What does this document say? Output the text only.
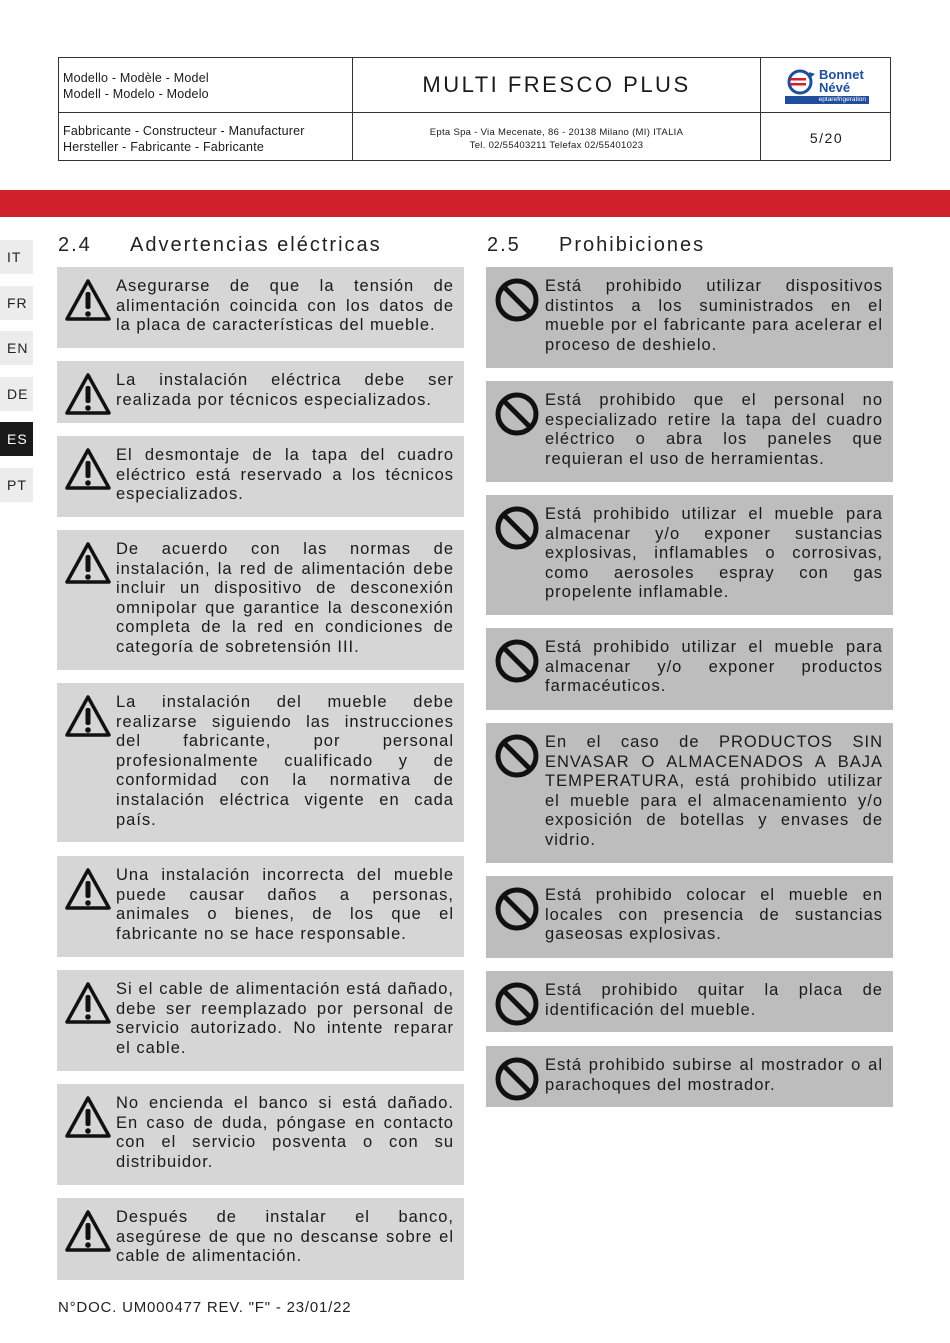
Modello - Modèle - Model
Modell - Modelo - Modelo	MULTI FRESCO PLUS	Bonnet
Névé
eptarefrigeration
Fabbricante - Constructeur - Manufacturer
Hersteller - Fabricante - Fabricante
Epta Spa - Via Mecenate, 86 - 20138 Milano (MI) ITALIA
Tel. 02/55403211 Telefax 02/55401023	5/20
IT
FR
EN
DE
ES
PT
2.4 Advertencias eléctricas	2.5 Prohibiciones
Asegurarse de que la tensión de alimentación coincida con los datos de la placa de características del mueble.
La instalación eléctrica debe ser realizada por técnicos especializados.
El desmontaje de la tapa del cuadro eléctrico está reservado a los técnicos especializados.
De acuerdo con las normas de instalación, la red de alimentación debe incluir un dispositivo de desconexión omnipolar que garantice la desconexión completa de la red en condiciones de categoría de sobretensión III.
La instalación del mueble debe realizarse siguiendo las instrucciones del fabricante, por personal profesionalmente cualificado y de conformidad con la normativa de instalación eléctrica vigente en cada país.
Una instalación incorrecta del mueble puede causar daños a personas, animales o bienes, de los que el fabricante no se hace responsable.
Si el cable de alimentación está dañado, debe ser reemplazado por personal de servicio autorizado. No intente reparar el cable.
No encienda el banco si está dañado. En caso de duda, póngase en contacto con el servicio posventa o con su distribuidor.
Después de instalar el banco, asegúrese de que no descanse sobre el cable de alimentación.
Está prohibido utilizar dispositivos distintos a los suministrados en el mueble por el fabricante para acelerar el proceso de deshielo.
Está prohibido que el personal no especializado retire la tapa del cuadro eléctrico o abra los paneles que requieran el uso de herramientas.
Está prohibido utilizar el mueble para almacenar y/o exponer sustancias explosivas, inflamables o corrosivas, como aerosoles espray con gas propelente inflamable.
Está prohibido utilizar el mueble para almacenar y/o exponer productos farmacéuticos.
En el caso de PRODUCTOS SIN ENVASAR O ALMACENADOS A BAJA TEMPERATURA, está prohibido utilizar el mueble para el almacenamiento y/o exposición de botellas y envases de vidrio.
Está prohibido colocar el mueble en locales con presencia de sustancias gaseosas explosivas.
Está prohibido quitar la placa de identificación del mueble.
Está prohibido subirse al mostrador o al parachoques del mostrador.
N°DOC. UM000477 REV. "F" - 23/01/22
